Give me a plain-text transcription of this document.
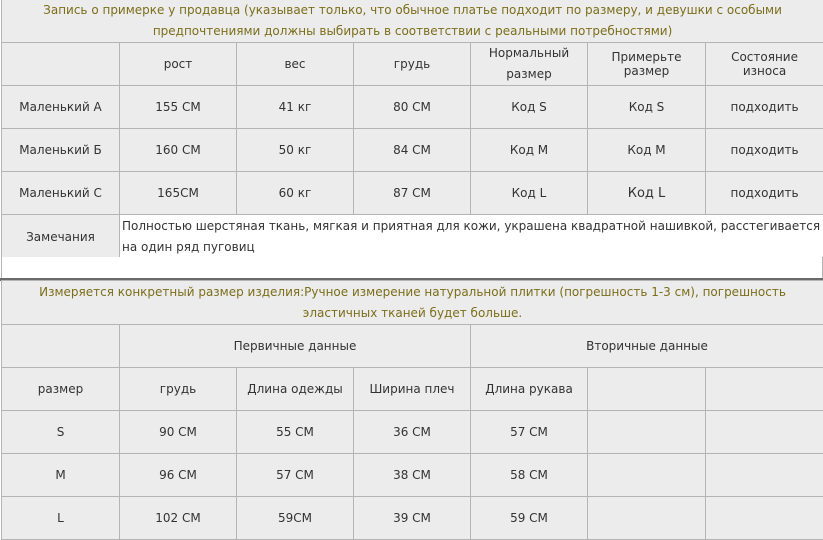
Запись о примерке у продавца (указывает только, что обычное платье подходит по размеру, и девушки с особыми предпочтениями должны выбирать в соответствии с реальными потребностями)						
	рост	вес	грудь	Нормальный размер	Примерьте размер	Состояние износа
Маленький А	155 СМ	41 кг	80 СМ	Код S	Код S	подходить
Маленький Б	160 СМ	50 кг	84 СМ	Код М	Код М	подходить
Маленький С	165СМ	60 кг	87 СМ	Код L	Код L	подходить
Замечания	Полностью шерстяная ткань, мягкая и приятная для кожи, украшена квадратной нашивкой, расстегивается на один ряд пуговиц					
Измеряется конкретный размер изделия:Ручное измерение натуральной плитки (погрешность 1-3 см), погрешность эластичных тканей будет больше.						
	Первичные данные			Вторичные данные		
размер	грудь	Длина одежды	Ширина плеч	Длина рукава		
S	90 СМ	55 СМ	36 СМ	57 СМ		
M	96 СМ	57 СМ	38 СМ	58 СМ		
L	102 СМ	59СМ	39 СМ	59 СМ		
